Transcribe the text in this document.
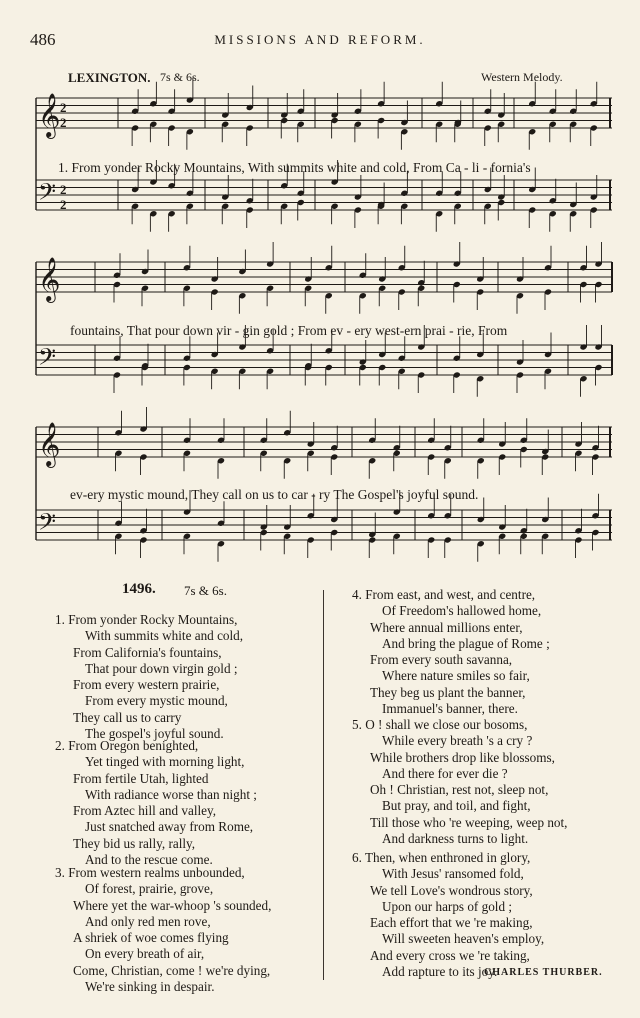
486	MISSIONS AND REFORM.
LEXINGTON. 7s & 6s.	Western Melody.
𝄞 2
2
𝄢 2
2
𝄞
𝄢
𝄞
𝄢
1. From yonder Rocky Mountains, With summits white and cold, From Ca - li - fornia's
fountains, That pour down vir - gin gold ; From ev - ery west-ern prai - rie, From
ev-ery mystic mound, They call on us to car - ry The Gospel's joyful sound.
1496. 7s & 6s.
1. From yonder Rocky Mountains,
With summits white and cold,
From California's fountains,
That pour down virgin gold ;
From every western prairie,
From every mystic mound,
They call us to carry
The gospel's joyful sound.
2. From Oregon benighted,
Yet tinged with morning light,
From fertile Utah, lighted
With radiance worse than night ;
From Aztec hill and valley,
Just snatched away from Rome,
They bid us rally, rally,
And to the rescue come.
3. From western realms unbounded,
Of forest, prairie, grove,
Where yet the war-whoop 's sounded,
And only red men rove,
A shriek of woe comes flying
On every breath of air,
Come, Christian, come ! we're dying,
We're sinking in despair.
4. From east, and west, and centre,
Of Freedom's hallowed home,
Where annual millions enter,
And bring the plague of Rome ;
From every south savanna,
Where nature smiles so fair,
They beg us plant the banner,
Immanuel's banner, there.
5. O ! shall we close our bosoms,
While every breath 's a cry ?
While brothers drop like blossoms,
And there for ever die ?
Oh ! Christian, rest not, sleep not,
But pray, and toil, and fight,
Till those who 're weeping, weep not,
And darkness turns to light.
6. Then, when enthroned in glory,
With Jesus' ransomed fold,
We tell Love's wondrous story,
Upon our harps of gold ;
Each effort that we 're making,
Will sweeten heaven's employ,
And every cross we 're taking,
Add rapture to its joy.
CHARLES THURBER.
